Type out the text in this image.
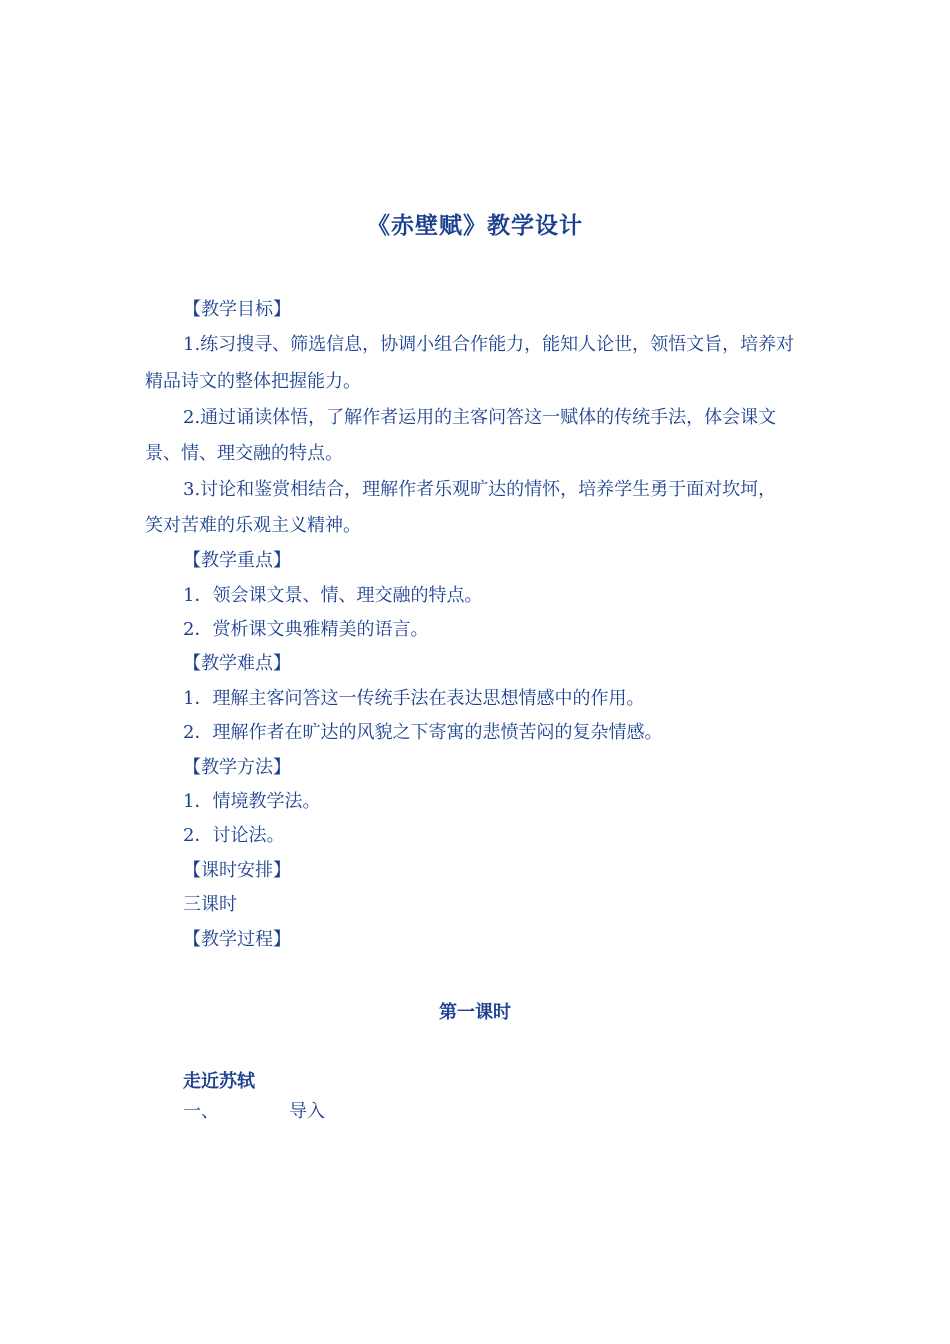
《赤壁赋》教学设计
【教学目标】
1.练习搜寻、筛选信息，协调小组合作能力，能知人论世，领悟文旨，培养对
精品诗文的整体把握能力。
2.通过诵读体悟，了解作者运用的主客问答这一赋体的传统手法，体会课文
景、情、理交融的特点。
3.讨论和鉴赏相结合，理解作者乐观旷达的情怀，培养学生勇于面对坎坷，
笑对苦难的乐观主义精神。
【教学重点】
1．领会课文景、情、理交融的特点。
2．赏析课文典雅精美的语言。
【教学难点】
1．理解主客问答这一传统手法在表达思想情感中的作用。
2．理解作者在旷达的风貌之下寄寓的悲愤苦闷的复杂情感。
【教学方法】
1．情境教学法。
2．讨论法。
【课时安排】
三课时
【教学过程】
第一课时
走近苏轼
一、	导入
